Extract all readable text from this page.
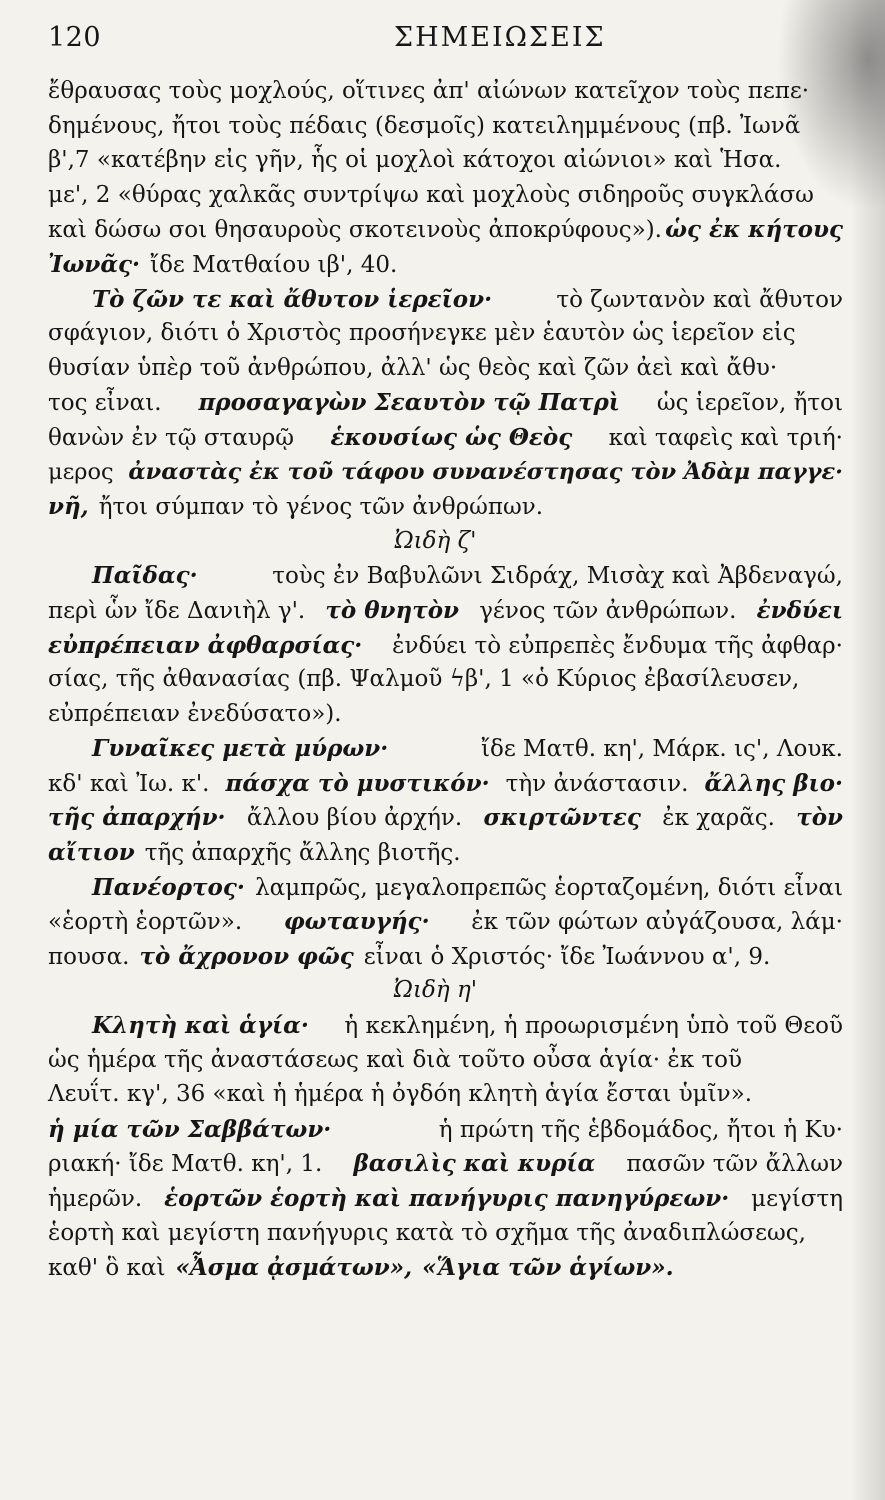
120	ΣΗΜΕΙΩΣΕΙΣ
ἔθραυσας τοὺς μοχλούς, οἵτινες ἀπ' αἰώνων κατεῖχον τοὺς πεπε·
δημένους, ἤτοι τοὺς πέδαις (δεσμοῖς) κατειλημμένους (πβ. Ἰωνᾶ
β',7 «κατέβην εἰς γῆν, ἧς οἱ μοχλοὶ κάτοχοι αἰώνιοι» καὶ Ἡσα.
με', 2 «θύρας χαλκᾶς συντρίψω καὶ μοχλοὺς σιδηροῦς συγκλάσω
καὶ δώσω σοι θησαυροὺς σκοτεινοὺς ἀποκρύφους»). ὡς ἐκ κήτους
Ἰωνᾶς· ἴδε Ματθαίου ιβ', 40.
Τὸ ζῶν τε καὶ ἄθυτον ἱερεῖον·	τὸ ζωντανὸν καὶ ἄθυτον
σφάγιον, διότι ὁ Χριστὸς προσήνεγκε μὲν ἑαυτὸν ὡς ἱερεῖον εἰς
θυσίαν ὑπὲρ τοῦ ἀνθρώπου, ἀλλ' ὡς θεὸς καὶ ζῶν ἀεὶ καὶ ἄθυ·
τος εἶναι. προσαγαγὼν Σεαυτὸν τῷ Πατρὶ ὡς ἱερεῖον, ἤτοι
θανὼν ἐν τῷ σταυρῷ ἑκουσίως ὡς Θεὸς καὶ ταφεὶς καὶ τριή·
μερος ἀναστὰς ἐκ τοῦ τάφου συνανέστησας τὸν Ἀδὰμ παγγε·
νῆ, ἤτοι σύμπαν τὸ γένος τῶν ἀνθρώπων.
Ὠιδὴ ζ'
Παῖδας·	τοὺς ἐν Βαβυλῶνι Σιδράχ, Μισὰχ καὶ Ἀβδεναγώ,
περὶ ὧν ἴδε Δανιὴλ γ'. τὸ θνητὸν γένος τῶν ἀνθρώπων. ἐνδύει
εὐπρέπειαν ἀφθαρσίας· ἐνδύει τὸ εὐπρεπὲς ἔνδυμα τῆς ἀφθαρ·
σίας, τῆς ἀθανασίας (πβ. Ψαλμοῦ ϟβ', 1 «ὁ Κύριος ἐβασίλευσεν,
εὐπρέπειαν ἐνεδύσατο»).
Γυναῖκες μετὰ μύρων·	ἴδε Ματθ. κη', Μάρκ. ις', Λουκ.
κδ' καὶ Ἰω. κ'. πάσχα τὸ μυστικόν· τὴν ἀνάστασιν. ἄλλης βιο·
τῆς ἀπαρχήν· ἄλλου βίου ἀρχήν. σκιρτῶντες ἐκ χαρᾶς. τὸν
αἴτιον τῆς ἀπαρχῆς ἄλλης βιοτῆς.
Πανέορτος· λαμπρῶς, μεγαλοπρεπῶς ἑορταζομένη, διότι εἶναι
«ἑορτὴ ἑορτῶν». φωταυγής· ἐκ τῶν φώτων αὐγάζουσα, λάμ·
πουσα. τὸ ἄχρονον φῶς εἶναι ὁ Χριστός· ἴδε Ἰωάννου α', 9.
Ὠιδὴ η'
Κλητὴ καὶ ἁγία· ἡ κεκλημένη, ἡ προωρισμένη ὑπὸ τοῦ Θεοῦ
ὡς ἡμέρα τῆς ἀναστάσεως καὶ διὰ τοῦτο οὖσα ἁγία· ἐκ τοῦ
Λευΐτ. κγ', 36 «καὶ ἡ ἡμέρα ἡ ὀγδόη κλητὴ ἁγία ἔσται ὑμῖν».
ἡ μία τῶν Σαββάτων·	ἡ πρώτη τῆς ἑβδομάδος, ἤτοι ἡ Κυ·
ριακή· ἴδε Ματθ. κη', 1. βασιλὶς καὶ κυρία πασῶν τῶν ἄλλων
ἡμερῶν. ἑορτῶν ἑορτὴ καὶ πανήγυρις πανηγύρεων· μεγίστη
ἑορτὴ καὶ μεγίστη πανήγυρις κατὰ τὸ σχῆμα τῆς ἀναδιπλώσεως,
καθ' ὃ καὶ «Ἆσμα ᾀσμάτων», «Ἅγια τῶν ἁγίων».
